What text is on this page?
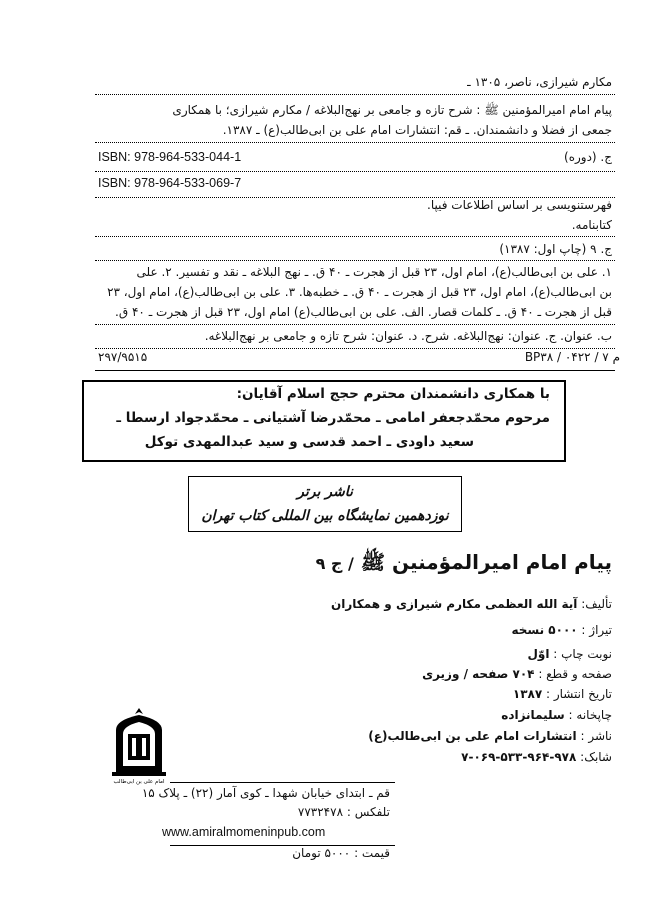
مکارم شیرازی، ناصر، ۱۳۰۵ ـ
پیام امام امیرالمؤمنین ﷺ : شرح تازه و جامعی بر نهج‌البلاغه / مکارم شیرازی؛ با همکاری
جمعی از فضلا و دانشمندان. ـ قم: انتشارات امام علی بن ابی‌طالب(ع) ـ ۱۳۸۷.
ج. (دوره)
ISBN: 978-964-533-044-1
ISBN: 978-964-533-069-7
فهرستنویسی بر اساس اطلاعات فیپا.
کتابنامه.
ج. ۹ (چاپ اول: ۱۳۸۷)
۱. علی بن ابی‌طالب(ع)، امام اول، ۲۳ قبل از هجرت ـ ۴۰ ق. ـ نهج البلاغه ـ نقد و تفسیر. ۲. علی
بن ابی‌طالب(ع)، امام اول، ۲۳ قبل از هجرت ـ ۴۰ ق. ـ خطبه‌ها. ۳. علی بن ابی‌طالب(ع)، امام اول، ۲۳
قبل از هجرت ـ ۴۰ ق. ـ کلمات قصار. الف. علی بن ابی‌طالب(ع) امام اول، ۲۳ قبل از هجرت ـ ۴۰ ق.
ب. عنوان. ج. عنوان: نهج‌البلاغه. شرح. د. عنوان: شرح تازه و جامعی بر نهج‌البلاغه.
BP۳۸ / ۰۴۲۲ / ۷ م
۲۹۷/۹۵۱۵
با همکاری دانشمندان محترم حجج اسلام آقایان:
مرحوم محمّدجعفر امامی ـ محمّدرضا آشتیانی ـ محمّدجواد ارسطا ـ
سعید داودی ـ احمد قدسی و سید عبدالمهدی توکل
ناشر برتر
نوزدهمین نمایشگاه بین المللی کتاب تهران
پیام امام امیرالمؤمنین ﷺ / ج ۹
تألیف: آیة الله العظمی مکارم شیرازی و همکاران
تیراژ : ۵۰۰۰ نسخه
نوبت چاپ : اوّل
صفحه و قطع : ۷۰۴ صفحه / وزیری
تاریخ انتشار : ۱۳۸۷
چاپخانه : سلیمانزاده
ناشر : انتشارات امام علی بن ابی‌طالب(ع)
شابک: ۹۷۸-۹۶۴-۵۳۳-۰۶۹-۷
امام علی بن ابی‌طالب
قم ـ ابتدای خیابان شهدا ـ کوی آمار (۲۲) ـ پلاک ۱۵
تلفکس : ۷۷۳۲۴۷۸
www.amiralmomeninpub.com
قیمت : ۵۰۰۰ تومان
